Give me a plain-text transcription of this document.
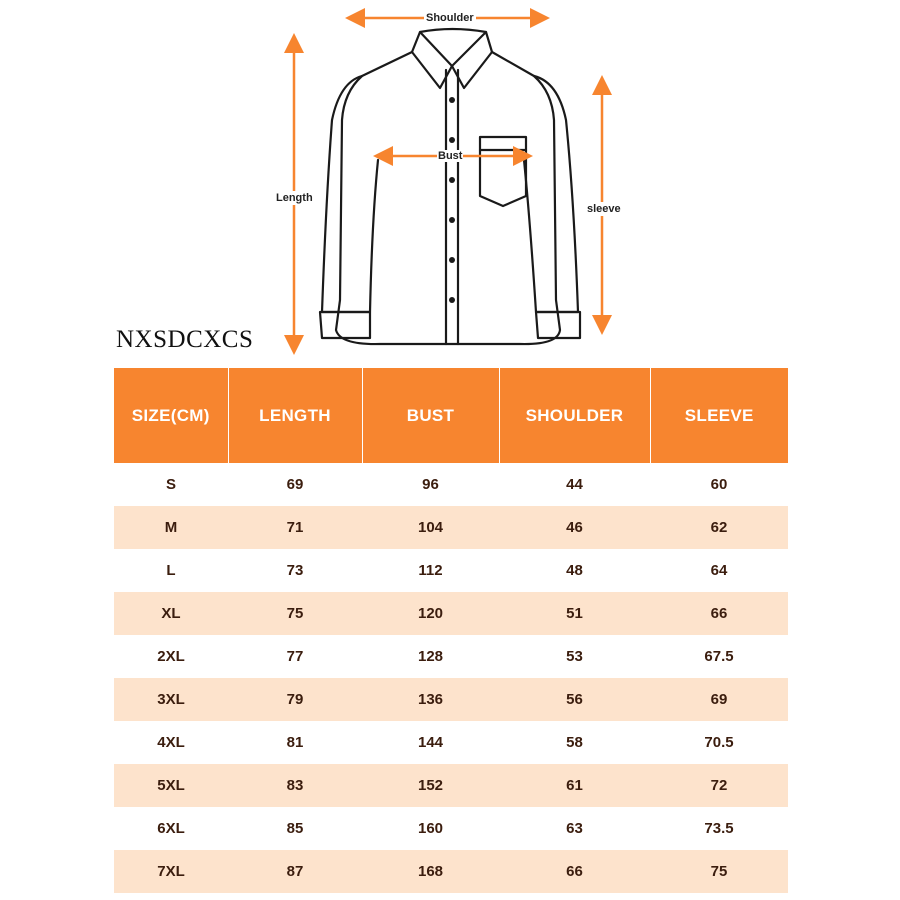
Shoulder
Bust
Length
sleeve
NXSDCXCS
SIZE(CM)	LENGTH	BUST	SHOULDER	SLEEVE
S	69	96	44	60
M	71	104	46	62
L	73	112	48	64
XL	75	120	51	66
2XL	77	128	53	67.5
3XL	79	136	56	69
4XL	81	144	58	70.5
5XL	83	152	61	72
6XL	85	160	63	73.5
7XL	87	168	66	75
